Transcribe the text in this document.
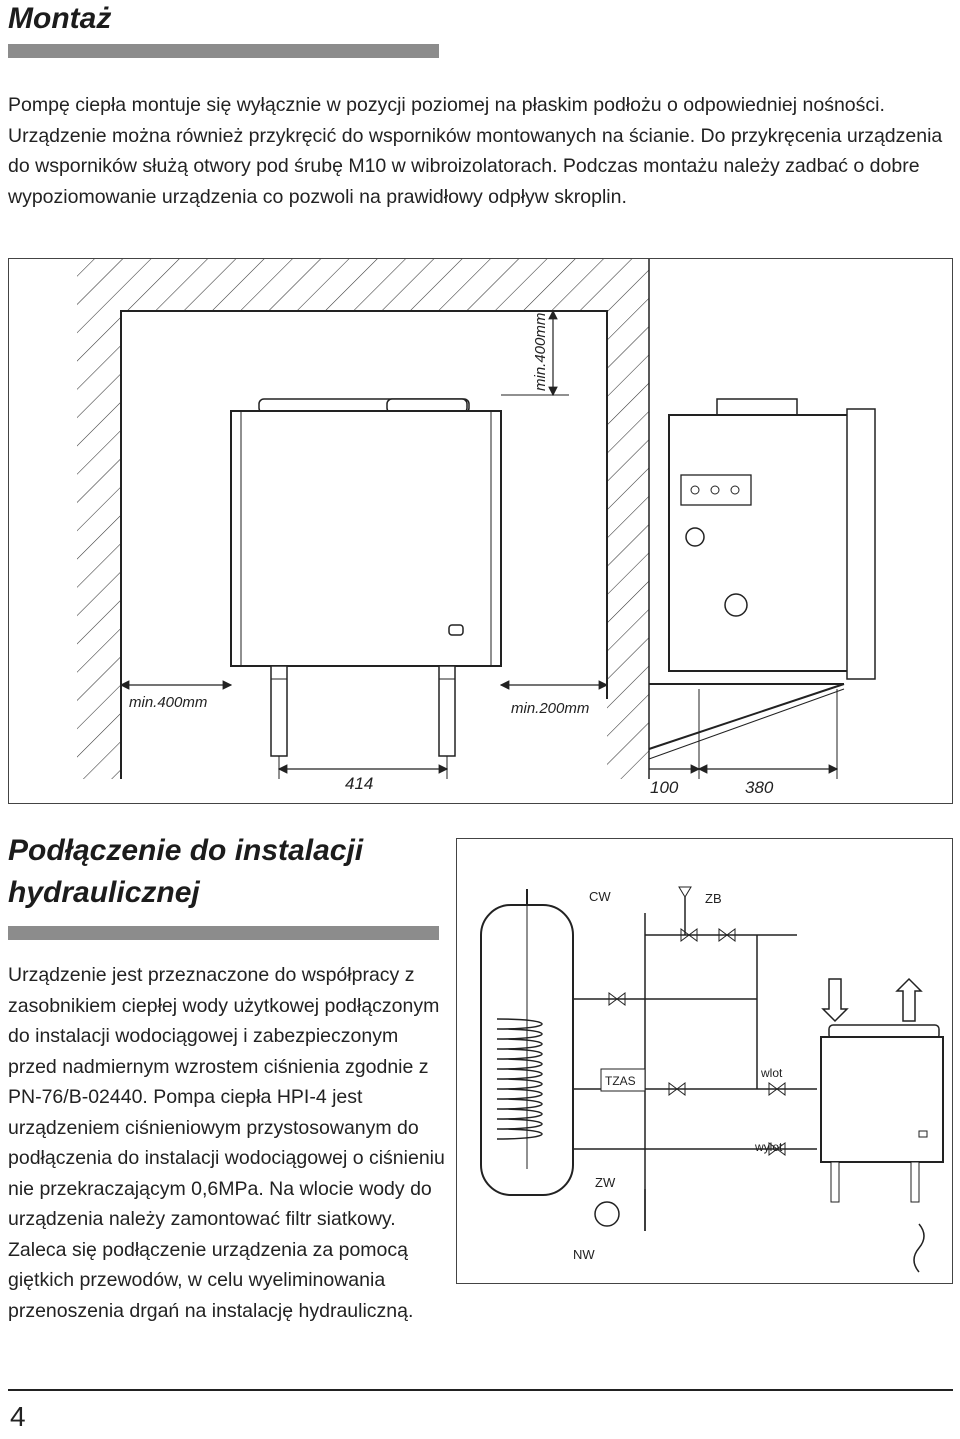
Montaż
Pompę ciepła montuje się wyłącznie w pozycji poziomej na płaskim podłożu o odpowiedniej nośności. Urządzenie można również przykręcić do wsporników montowanych na ścianie. Do przykręcenia urządzenia do wsporników służą otwory pod śrubę M10 w wibroizolatorach. Podczas montażu należy zadbać o dobre wypoziomowanie urządzenia co pozwoli na prawidłowy odpływ skroplin.
min.400mm
min.400mm	min.200mm
414	100	380
Podłączenie do instalacji hydraulicznej
Urządzenie jest przeznaczone do współpracy z zasobnikiem ciepłej wody użytkowej podłączonym do instalacji wodociągowej i zabezpieczonym przed nadmiernym wzrostem ciśnienia zgodnie z PN-76/B-02440. Pompa ciepła HPI-4 jest urządzeniem ciśnieniowym przystosowanym do podłączenia do instalacji wodociągowej o ciśnieniu nie przekraczającym 0,6MPa. Na wlocie wody do urządzenia należy zamontować filtr siatkowy. Zaleca się podłączenie urządzenia za pomocą giętkich przewodów, w celu wyeliminowania przenoszenia drgań na instalację hydrauliczną.
CW	ZB
TZAS
ZW
NW
wlot
wylot
4
